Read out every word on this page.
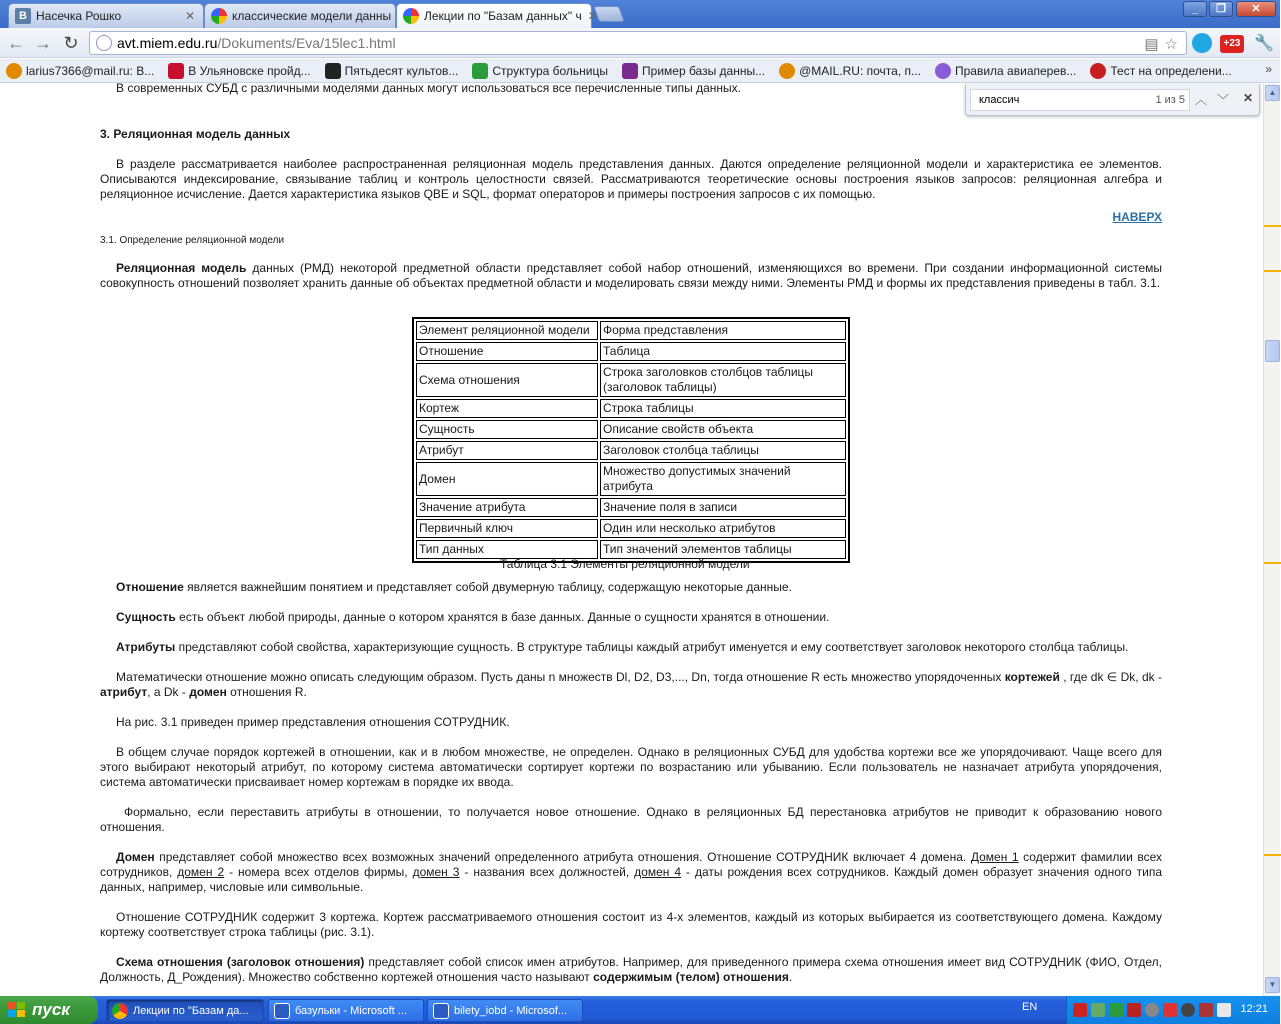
В Насечка Рошко	✕	классические модели данны	Лекции по "Базам данных" ч ✕	_	❐	✕
← → ↻	avt.miem.edu.ru /Dokuments/Eva/15lec1.html	▤ ☆	+23 🔧
larius7366@mail.ru: В...	В Ульяновске пройд...	Пятьдесят культов...	Структура больницы	Пример базы данны...	@MAIL.RU: почта, п...	Правила авиаперев...	Тест на определени...	»
В современных СУБД с различными моделями данных могут использоваться все перечисленные типы данных.
3. Реляционная модель данных
В разделе рассматривается наиболее распространенная реляционная модель представления данных. Даются определение реляционной модели и характеристика ее элементов. Описываются индексирование, связывание таблиц и контроль целостности связей. Рассматриваются теоретические основы построения языков запросов: реляционная алгебра и реляционное исчисление. Дается характеристика языков QBE и SQL, формат операторов и примеры построения запросов с их помощью.
НАВЕРХ
3.1. Определение реляционной модели
Реляционная модель данных (РМД) некоторой предметной области представляет собой набор отношений, изменяющихся во времени. При создании информационной системы совокупность отношений позволяет хранить данные об объектах предметной области и моделировать связи между ними. Элементы РМД и формы их представления приведены в табл. 3.1.
Элемент реляционной модели	Форма представления
Отношение	Таблица
Схема отношения	Строка заголовков столбцов таблицы (заголовок таблицы)
Кортеж	Строка таблицы
Сущность	Описание свойств объекта
Атрибут	Заголовок столбца таблицы
Домен	Множество допустимых значений атрибута
Значение атрибута	Значение поля в записи
Первичный ключ	Один или несколько атрибутов
Тип данных	Тип значений элементов таблицы
Таблица 3.1 Элементы реляционной модели
Отношение является важнейшим понятием и представляет собой двумерную таблицу, содержащую некоторые данные.
Сущность есть объект любой природы, данные о котором хранятся в базе данных. Данные о сущности хранятся в отношении.
Атрибуты представляют собой свойства, характеризующие сущность. В структуре таблицы каждый атрибут именуется и ему соответствует заголовок некоторого столбца таблицы.
Математически отношение можно описать следующим образом. Пусть даны n множеств Dl, D2, D3,..., Dn, тогда отношение R есть множество упорядоченных кортежей , где dk ∈ Dk, dk - атрибут, а Dk - домен отношения R.
На рис. 3.1 приведен пример представления отношения СОТРУДНИК.
В общем случае порядок кортежей в отношении, как и в любом множестве, не определен. Однако в реляционных СУБД для удобства кортежи все же упорядочивают. Чаще всего для этого выбирают некоторый атрибут, по которому система автоматически сортирует кортежи по возрастанию или убыванию. Если пользователь не назначает атрибута упорядочения, система автоматически присваивает номер кортежам в порядке их ввода.
Формально, если переставить атрибуты в отношении, то получается новое отношение. Однако в реляционных БД перестановка атрибутов не приводит к образованию нового отношения.
Домен представляет собой множество всех возможных значений определенного атрибута отношения. Отношение СОТРУДНИК включает 4 домена. Домен 1 содержит фамилии всех сотрудников, домен 2 - номера всех отделов фирмы, домен 3 - названия всех должностей, домен 4 - даты рождения всех сотрудников. Каждый домен образует значения одного типа данных, например, числовые или символьные.
Отношение СОТРУДНИК содержит 3 кортежа. Кортеж рассматриваемого отношения состоит из 4-х элементов, каждый из которых выбирается из соответствующего домена. Каждому кортежу соответствует строка таблицы (рис. 3.1).
Схема отношения (заголовок отношения) представляет собой список имен атрибутов. Например, для приведенного примера схема отношения имеет вид СОТРУДНИК (ФИО, Отдел, Должность, Д_Рождения). Множество собственно кортежей отношения часто называют содержимым (телом) отношения.
классич	1 из 5 ︿ ﹀	✕	▲
▼
пуск	Лекции по "Базам да...	базульки - Microsoft ...	bilety_iobd - Microsof...	EN	12:21
